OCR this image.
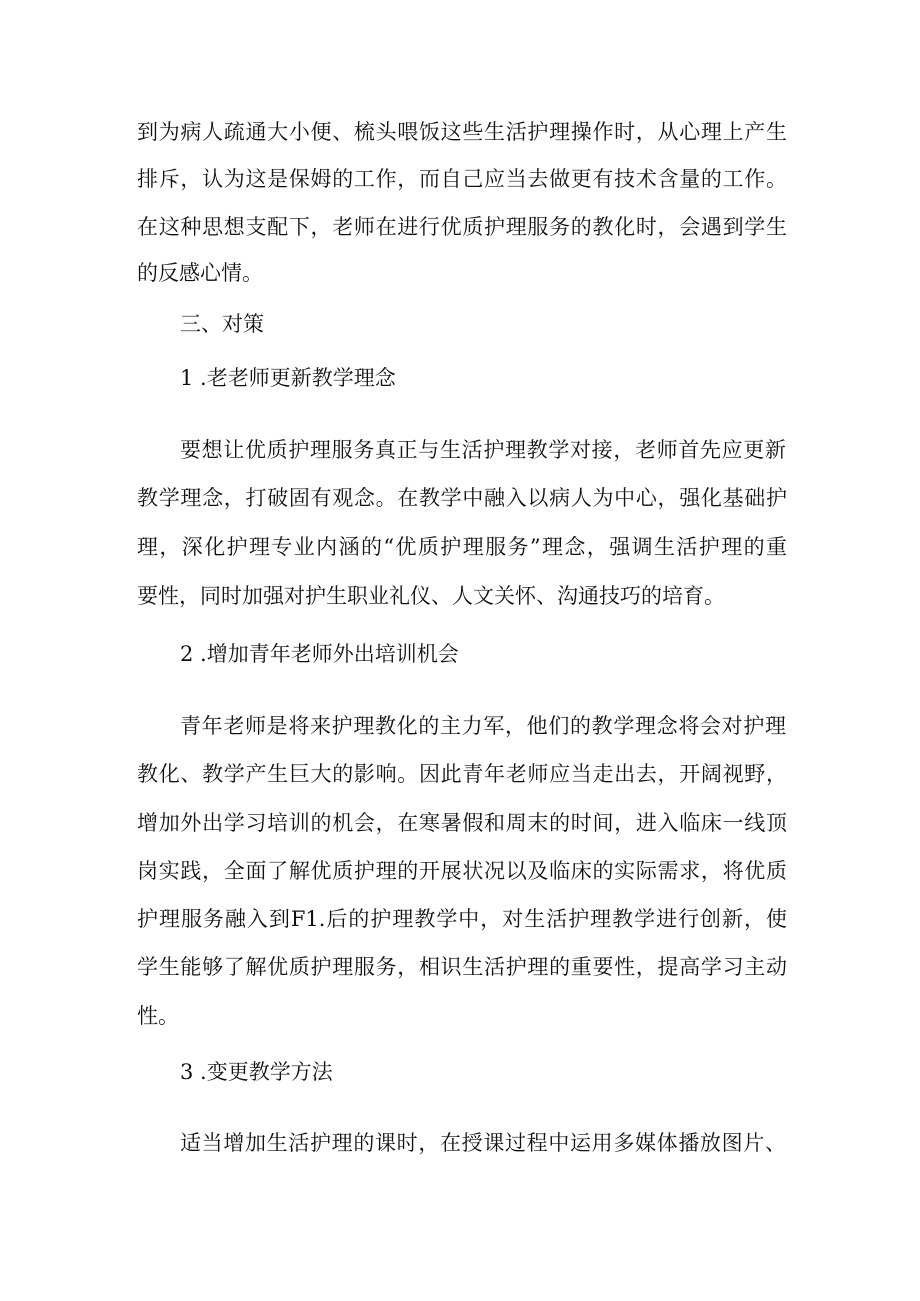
到为病人疏通大小便、梳头喂饭这些生活护理操作时，从心理上产生
排斥，认为这是保姆的工作，而自己应当去做更有技术含量的工作。
在这种思想支配下，老师在进行优质护理服务的教化时，会遇到学生
的反感心情。
三、对策
1 .老老师更新教学理念
要想让优质护理服务真正与生活护理教学对接，老师首先应更新
教学理念，打破固有观念。在教学中融入以病人为中心，强化基础护
理，深化护理专业内涵的“优质护理服务”理念，强调生活护理的重
要性，同时加强对护生职业礼仪、人文关怀、沟通技巧的培育。
2 .增加青年老师外出培训机会
青年老师是将来护理教化的主力军，他们的教学理念将会对护理
教化、教学产生巨大的影响。因此青年老师应当走出去，开阔视野，
增加外出学习培训的机会，在寒暑假和周末的时间，进入临床一线顶
岗实践，全面了解优质护理的开展状况以及临床的实际需求，将优质
护理服务融入到F1.后的护理教学中，对生活护理教学进行创新，使
学生能够了解优质护理服务，相识生活护理的重要性，提高学习主动
性。
3 .变更教学方法
适当增加生活护理的课时，在授课过程中运用多媒体播放图片、
